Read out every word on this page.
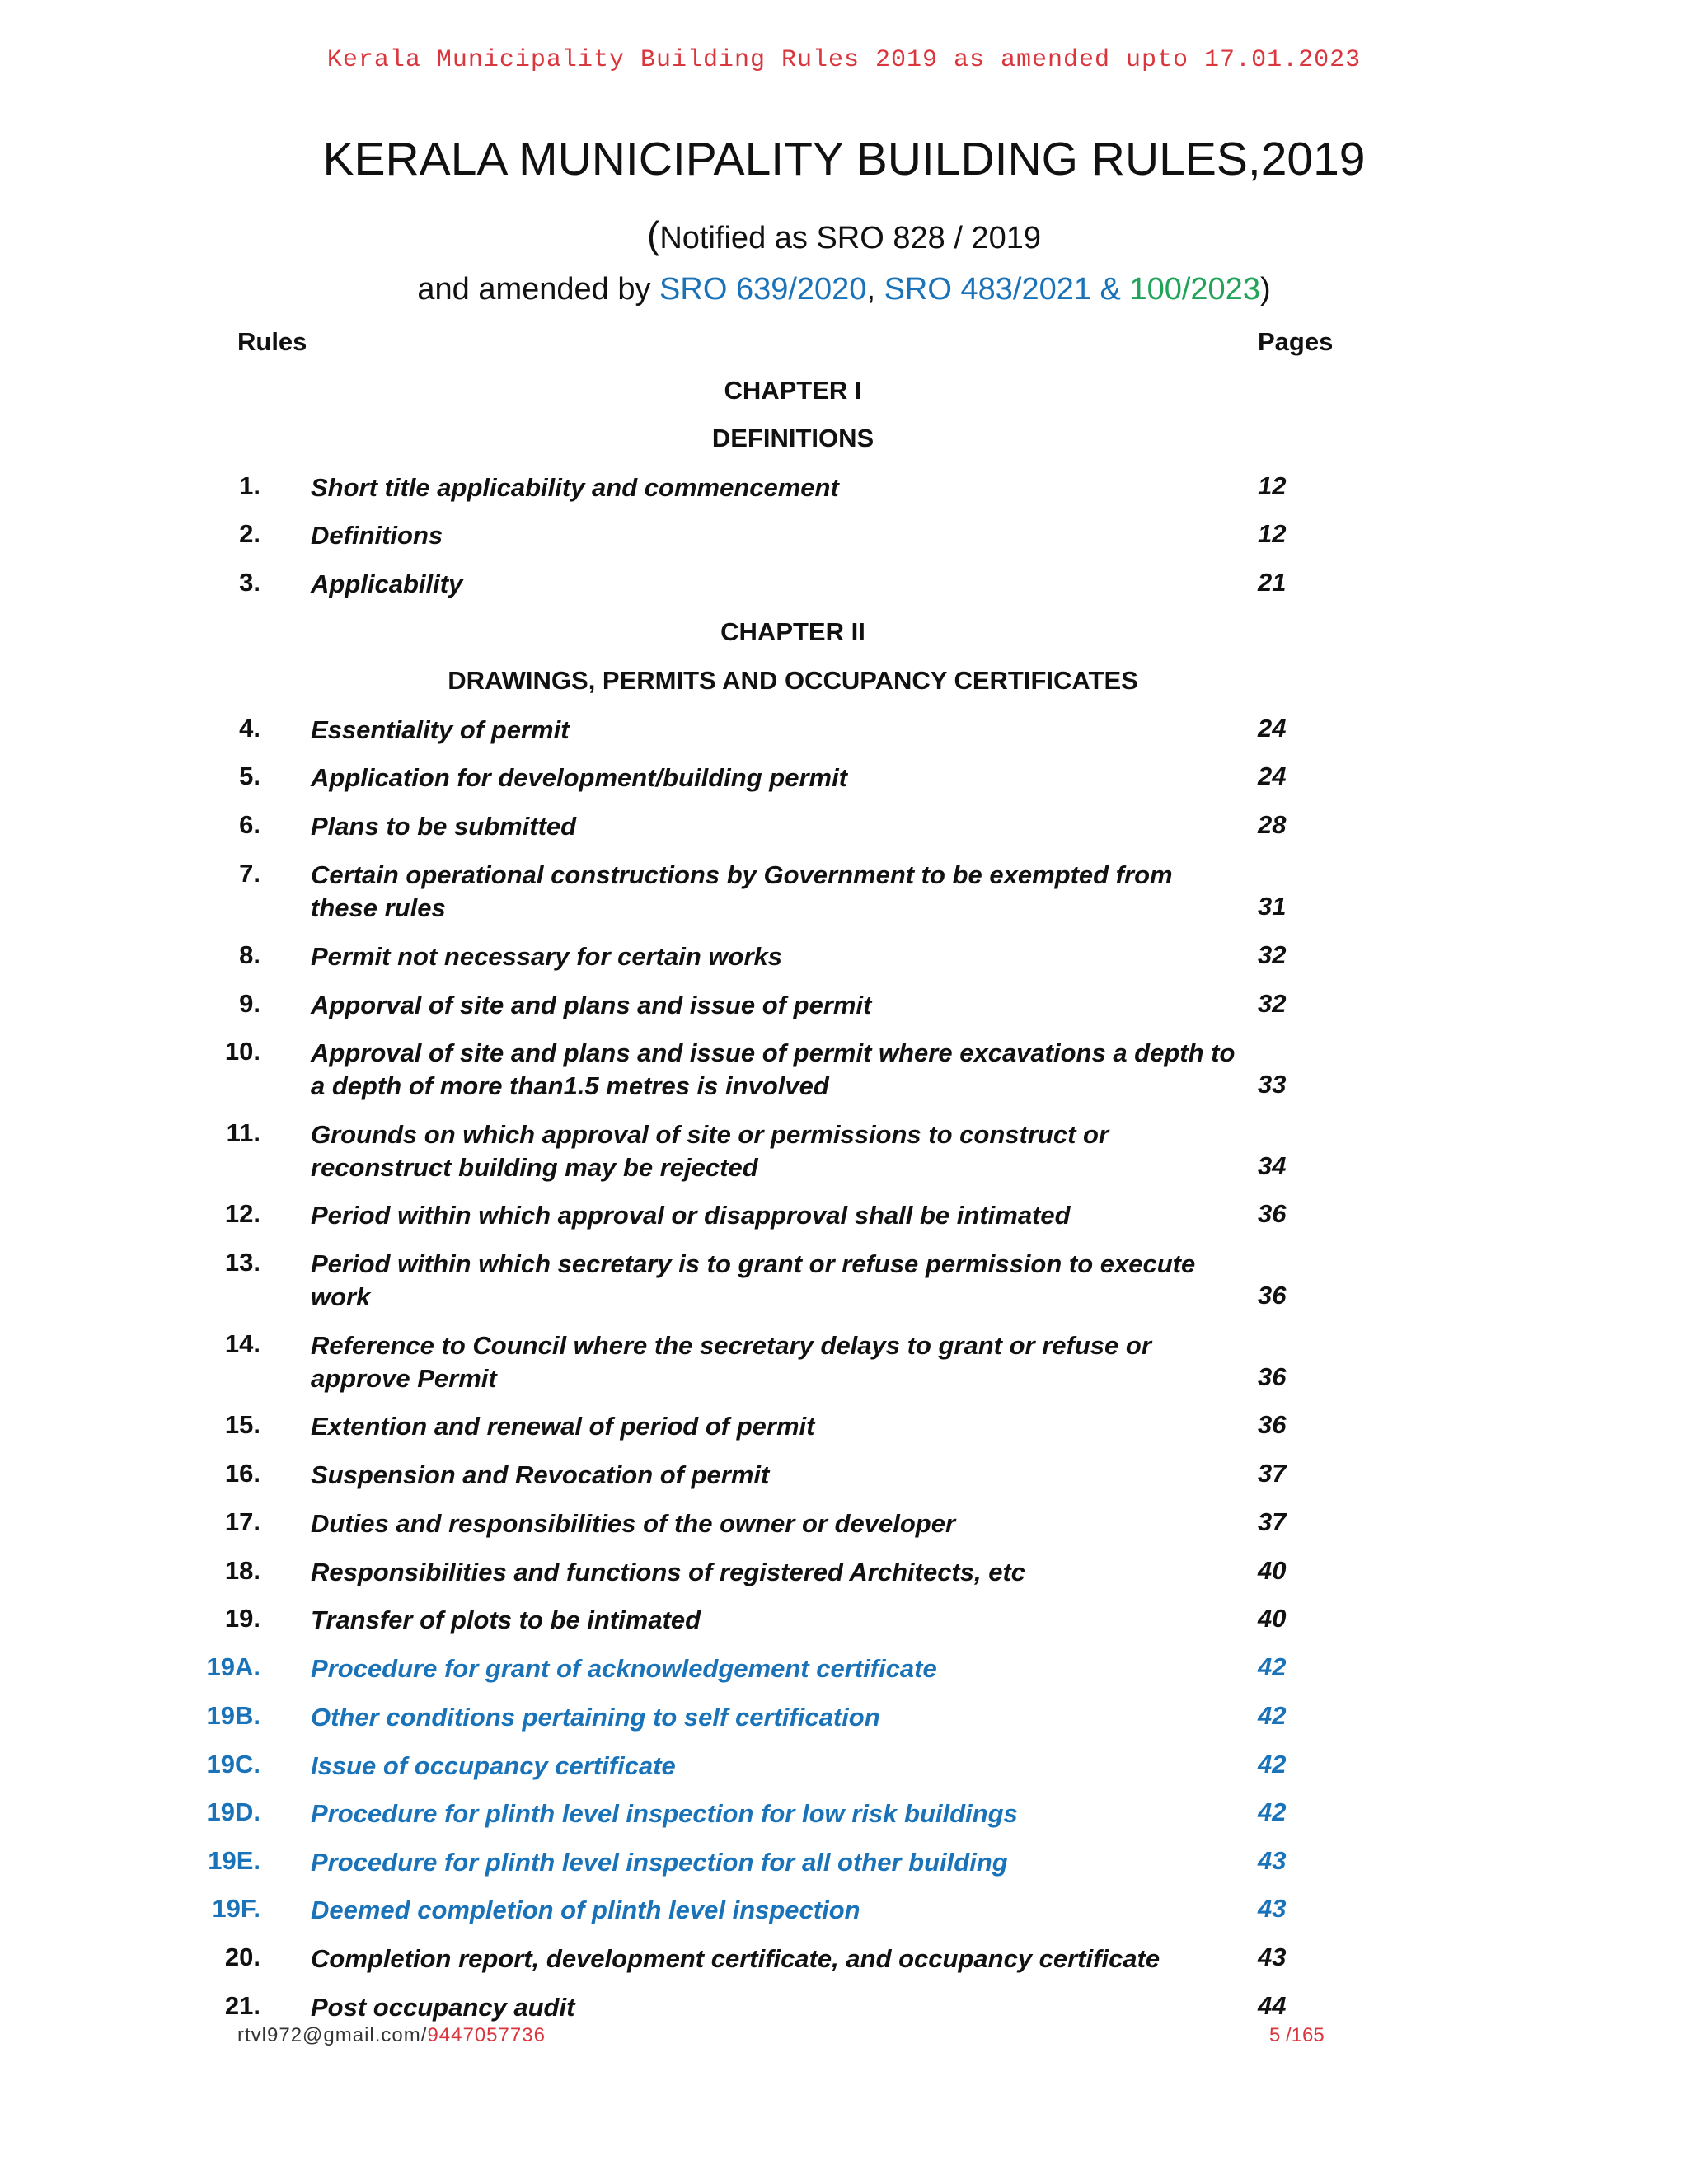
Kerala Municipality Building Rules 2019 as amended upto 17.01.2023
KERALA MUNICIPALITY BUILDING RULES,2019
(Notified as SRO 828 / 2019
and amended by SRO 639/2020, SRO 483/2021 & 100/2023)
Rules	Pages
CHAPTER I
DEFINITIONS
CHAPTER II
DRAWINGS, PERMITS AND OCCUPANCY CERTIFICATES
1. Short title applicability and commencement	12
2. Definitions	12
3. Applicability	21
4. Essentiality of permit	24
5. Application for development/building permit	24
6. Plans to be submitted	28
7. Certain operational constructions by Government to be exempted from these rules	31
8. Permit not necessary for certain works	32
9. Apporval of site and plans and issue of permit	32
10. Approval of site and plans and issue of permit where excavations a depth to a depth of more than1.5 metres is involved	33
11. Grounds on which approval of site or permissions to construct or reconstruct building may be rejected	34
12. Period within which approval or disapproval shall be intimated	36
13. Period within which secretary is to grant or refuse permission to execute work	36
14. Reference to Council where the secretary delays to grant or refuse or approve Permit	36
15. Extention and renewal of period of permit	36
16. Suspension and Revocation of permit	37
17. Duties and responsibilities of the owner or developer	37
18. Responsibilities and functions of registered Architects, etc	40
19. Transfer of plots to be intimated	40
19A. Procedure for grant of acknowledgement certificate	42
19B. Other conditions pertaining to self certification	42
19C. Issue of occupancy certificate	42
19D. Procedure for plinth level inspection for low risk buildings	42
19E. Procedure for plinth level inspection for all other building	43
19F. Deemed completion of plinth level inspection	43
20. Completion report, development certificate, and occupancy certificate	43
21. Post occupancy audit	44
rtvl972@gmail.com/9447057736	5 /165
